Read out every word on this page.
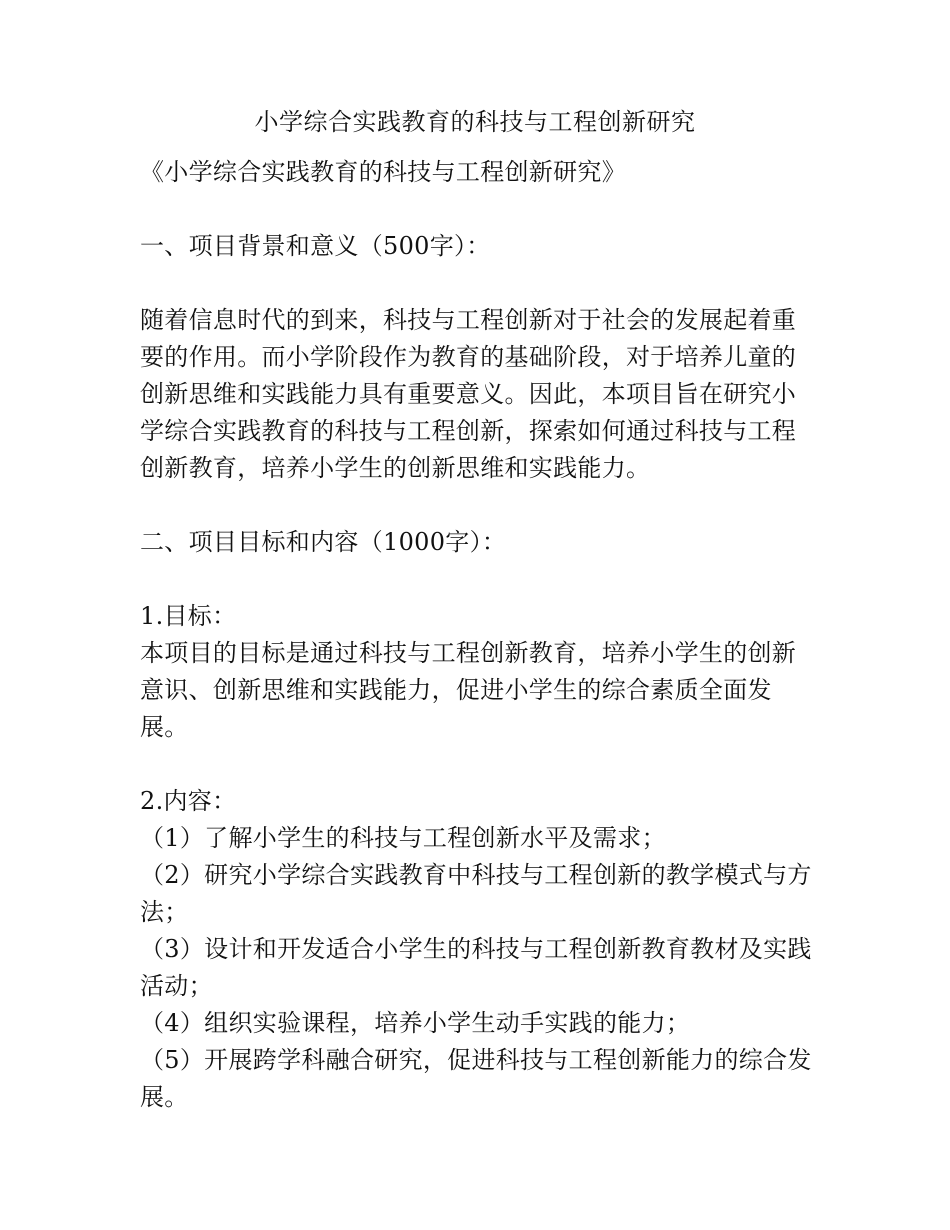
小学综合实践教育的科技与工程创新研究

《小学综合实践教育的科技与工程创新研究》

一、项目背景和意义（500字）：

随着信息时代的到来，科技与工程创新对于社会的发展起着重要的作用。而小学阶段作为教育的基础阶段，对于培养儿童的创新思维和实践能力具有重要意义。因此，本项目旨在研究小学综合实践教育的科技与工程创新，探索如何通过科技与工程创新教育，培养小学生的创新思维和实践能力。

二、项目目标和内容（1000字）：

1.目标：

本项目的目标是通过科技与工程创新教育，培养小学生的创新意识、创新思维和实践能力，促进小学生的综合素质全面发展。

2.内容：

（1）了解小学生的科技与工程创新水平及需求；

（2）研究小学综合实践教育中科技与工程创新的教学模式与方法；

（3）设计和开发适合小学生的科技与工程创新教育教材及实践活动；

（4）组织实验课程，培养小学生动手实践的能力；

（5）开展跨学科融合研究，促进科技与工程创新能力的综合发展。
